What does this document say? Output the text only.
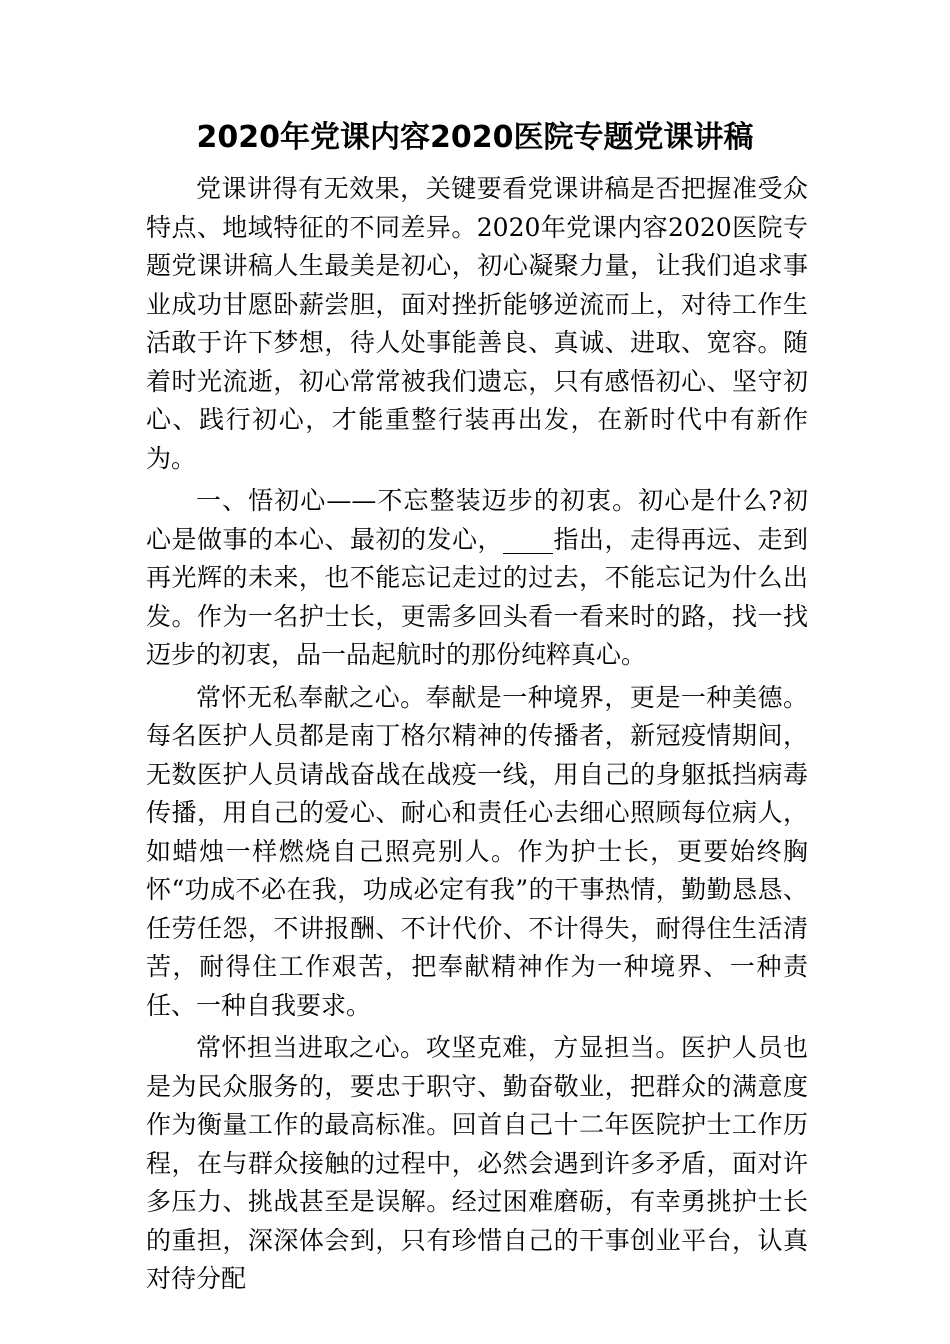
2020年党课内容2020医院专题党课讲稿

党课讲得有无效果，关键要看党课讲稿是否把握准受众特点、地域特征的不同差异。2020年党课内容2020医院专题党课讲稿人生最美是初心，初心凝聚力量，让我们追求事业成功甘愿卧薪尝胆，面对挫折能够逆流而上，对待工作生活敢于许下梦想，待人处事能善良、真诚、进取、宽容。随着时光流逝，初心常常被我们遗忘，只有感悟初心、坚守初心、践行初心，才能重整行装再出发，在新时代中有新作为。

一、悟初心——不忘整装迈步的初衷。初心是什么?初心是做事的本心、最初的发心，____指出，走得再远、走到再光辉的未来，也不能忘记走过的过去，不能忘记为什么出发。作为一名护士长，更需多回头看一看来时的路，找一找迈步的初衷，品一品起航时的那份纯粹真心。

常怀无私奉献之心。奉献是一种境界，更是一种美德。每名医护人员都是南丁格尔精神的传播者，新冠疫情期间，无数医护人员请战奋战在战疫一线，用自己的身躯抵挡病毒传播，用自己的爱心、耐心和责任心去细心照顾每位病人，如蜡烛一样燃烧自己照亮别人。作为护士长，更要始终胸怀“功成不必在我，功成必定有我”的干事热情，勤勤恳恳、任劳任怨，不讲报酬、不计代价、不计得失，耐得住生活清苦，耐得住工作艰苦，把奉献精神作为一种境界、一种责任、一种自我要求。

常怀担当进取之心。攻坚克难，方显担当。医护人员也是为民众服务的，要忠于职守、勤奋敬业，把群众的满意度作为衡量工作的最高标准。回首自己十二年医院护士工作历程，在与群众接触的过程中，必然会遇到许多矛盾，面对许多压力、挑战甚至是误解。经过困难磨砺，有幸勇挑护士长的重担，深深体会到，只有珍惜自己的干事创业平台，认真对待分配
